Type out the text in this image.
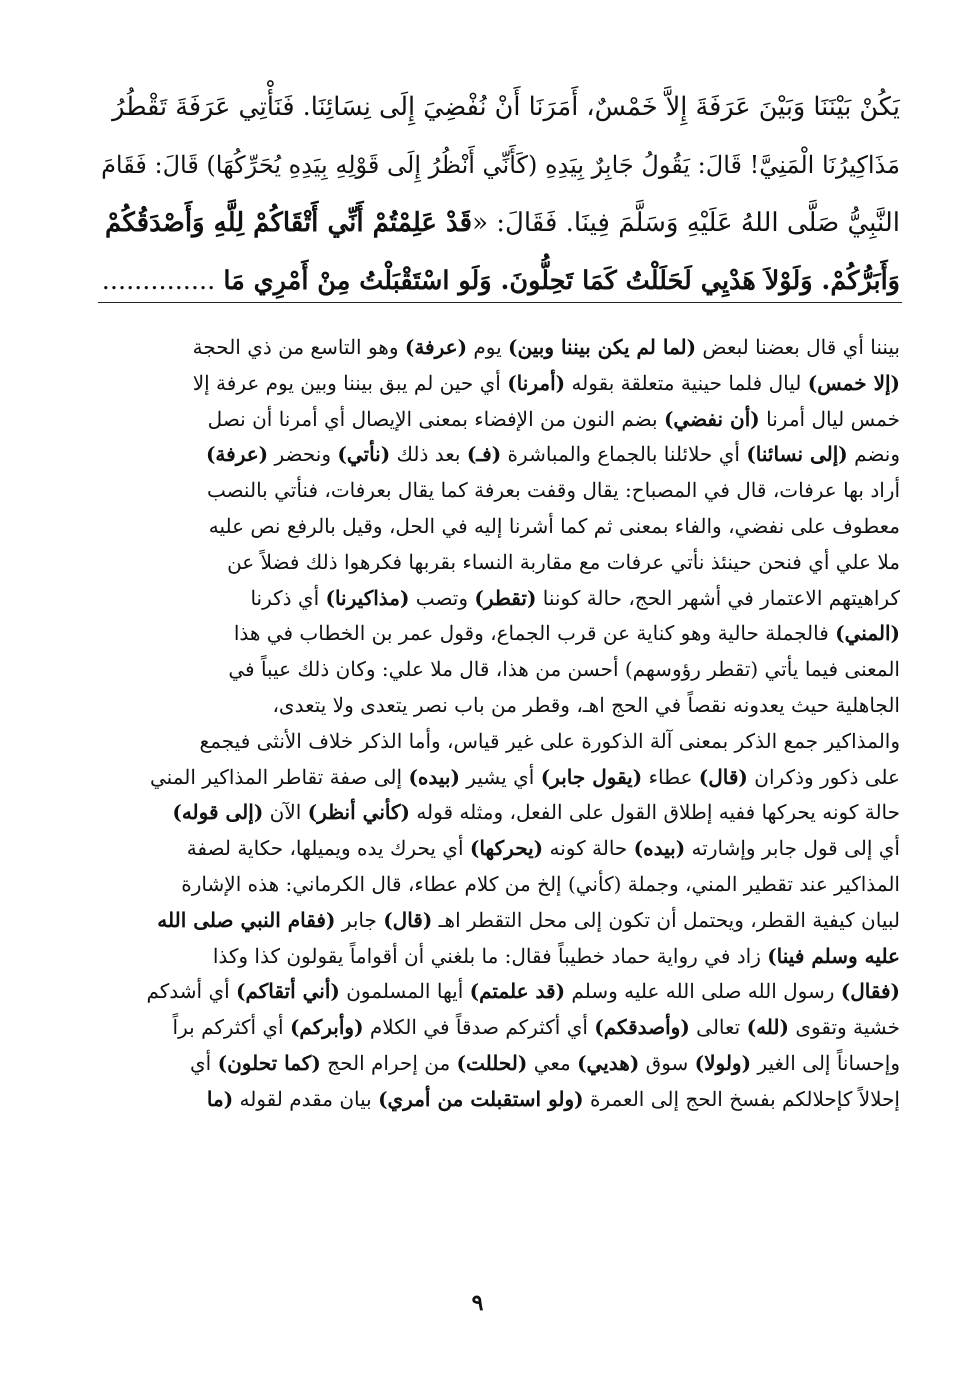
يَكُنْ بَيْنَنَا وَبَيْنَ عَرَفَةَ إِلاَّ خَمْسٌ، أَمَرَنَا أَنْ نُفْضِيَ إِلَى نِسَائِنَا. فَنَأْتِي عَرَفَةَ تَقْطُرُ
مَذَاكِيرُنَا الْمَنِيَّ! قَالَ: يَقُولُ جَابِرٌ بِيَدِهِ (كَأَنِّي أَنْظُرُ إِلَى قَوْلِهِ بِيَدِهِ يُحَرِّكُهَا) قَالَ: فَقَامَ
النَّبِيُّ صَلَّى اللهُ عَلَيْهِ وَسَلَّمَ فِينَا. فَقَالَ: «قَدْ عَلِمْتُمْ أَنِّي أَتْقَاكُمْ لِلَّهِ وَأَصْدَقُكُمْ
وَأَبَرُّكُمْ. وَلَوْلاَ هَدْيِي لَحَلَلْتُ كَمَا تَحِلُّونَ. وَلَو اسْتَقْبَلْتُ مِنْ أَمْرِي مَا ..............
بيننا أي قال بعضنا لبعض (لما لم يكن بيننا وبين) يوم (عرفة) وهو التاسع من ذي الحجة
(إلا خمس) ليال فلما حينية متعلقة بقوله (أمرنا) أي حين لم يبق بيننا وبين يوم عرفة إلا
خمس ليال أمرنا (أن نفضي) بضم النون من الإفضاء بمعنى الإيصال أي أمرنا أن نصل
ونضم (إلى نسائنا) أي حلائلنا بالجماع والمباشرة (فـ) بعد ذلك (نأتي) ونحضر (عرفة)
أراد بها عرفات، قال في المصباح: يقال وقفت بعرفة كما يقال بعرفات، فنأتي بالنصب
معطوف على نفضي، والفاء بمعنى ثم كما أشرنا إليه في الحل، وقيل بالرفع نص عليه
ملا علي أي فنحن حينئذ نأتي عرفات مع مقاربة النساء بقربها فكرهوا ذلك فضلاً عن
كراهيتهم الاعتمار في أشهر الحج، حالة كوننا (تقطر) وتصب (مذاكيرنا) أي ذكرنا
(المني) فالجملة حالية وهو كناية عن قرب الجماع، وقول عمر بن الخطاب في هذا
المعنى فيما يأتي (تقطر رؤوسهم) أحسن من هذا، قال ملا علي: وكان ذلك عيباً في
الجاهلية حيث يعدونه نقصاً في الحج اهـ، وقطر من باب نصر يتعدى ولا يتعدى،
والمذاكير جمع الذكر بمعنى آلة الذكورة على غير قياس، وأما الذكر خلاف الأنثى فيجمع
على ذكور وذكران (قال) عطاء (يقول جابر) أي يشير (بيده) إلى صفة تقاطر المذاكير المني
حالة كونه يحركها ففيه إطلاق القول على الفعل، ومثله قوله (كأني أنظر) الآن (إلى قوله)
أي إلى قول جابر وإشارته (بيده) حالة كونه (يحركها) أي يحرك يده ويميلها، حكاية لصفة
المذاكير عند تقطير المني، وجملة (كأني) إلخ من كلام عطاء، قال الكرماني: هذه الإشارة
لبيان كيفية القطر، ويحتمل أن تكون إلى محل التقطر اهـ (قال) جابر (فقام النبي صلى الله
عليه وسلم فينا) زاد في رواية حماد خطيباً فقال: ما بلغني أن أقواماً يقولون كذا وكذا
(فقال) رسول الله صلى الله عليه وسلم (قد علمتم) أيها المسلمون (أني أتقاكم) أي أشدكم
خشية وتقوى (لله) تعالى (وأصدقكم) أي أكثركم صدقاً في الكلام (وأبركم) أي أكثركم براً
وإحساناً إلى الغير (ولولا) سوق (هديي) معي (لحللت) من إحرام الحج (كما تحلون) أي
إحلالاً كإحلالكم بفسخ الحج إلى العمرة (ولو استقبلت من أمري) بيان مقدم لقوله (ما
٩
